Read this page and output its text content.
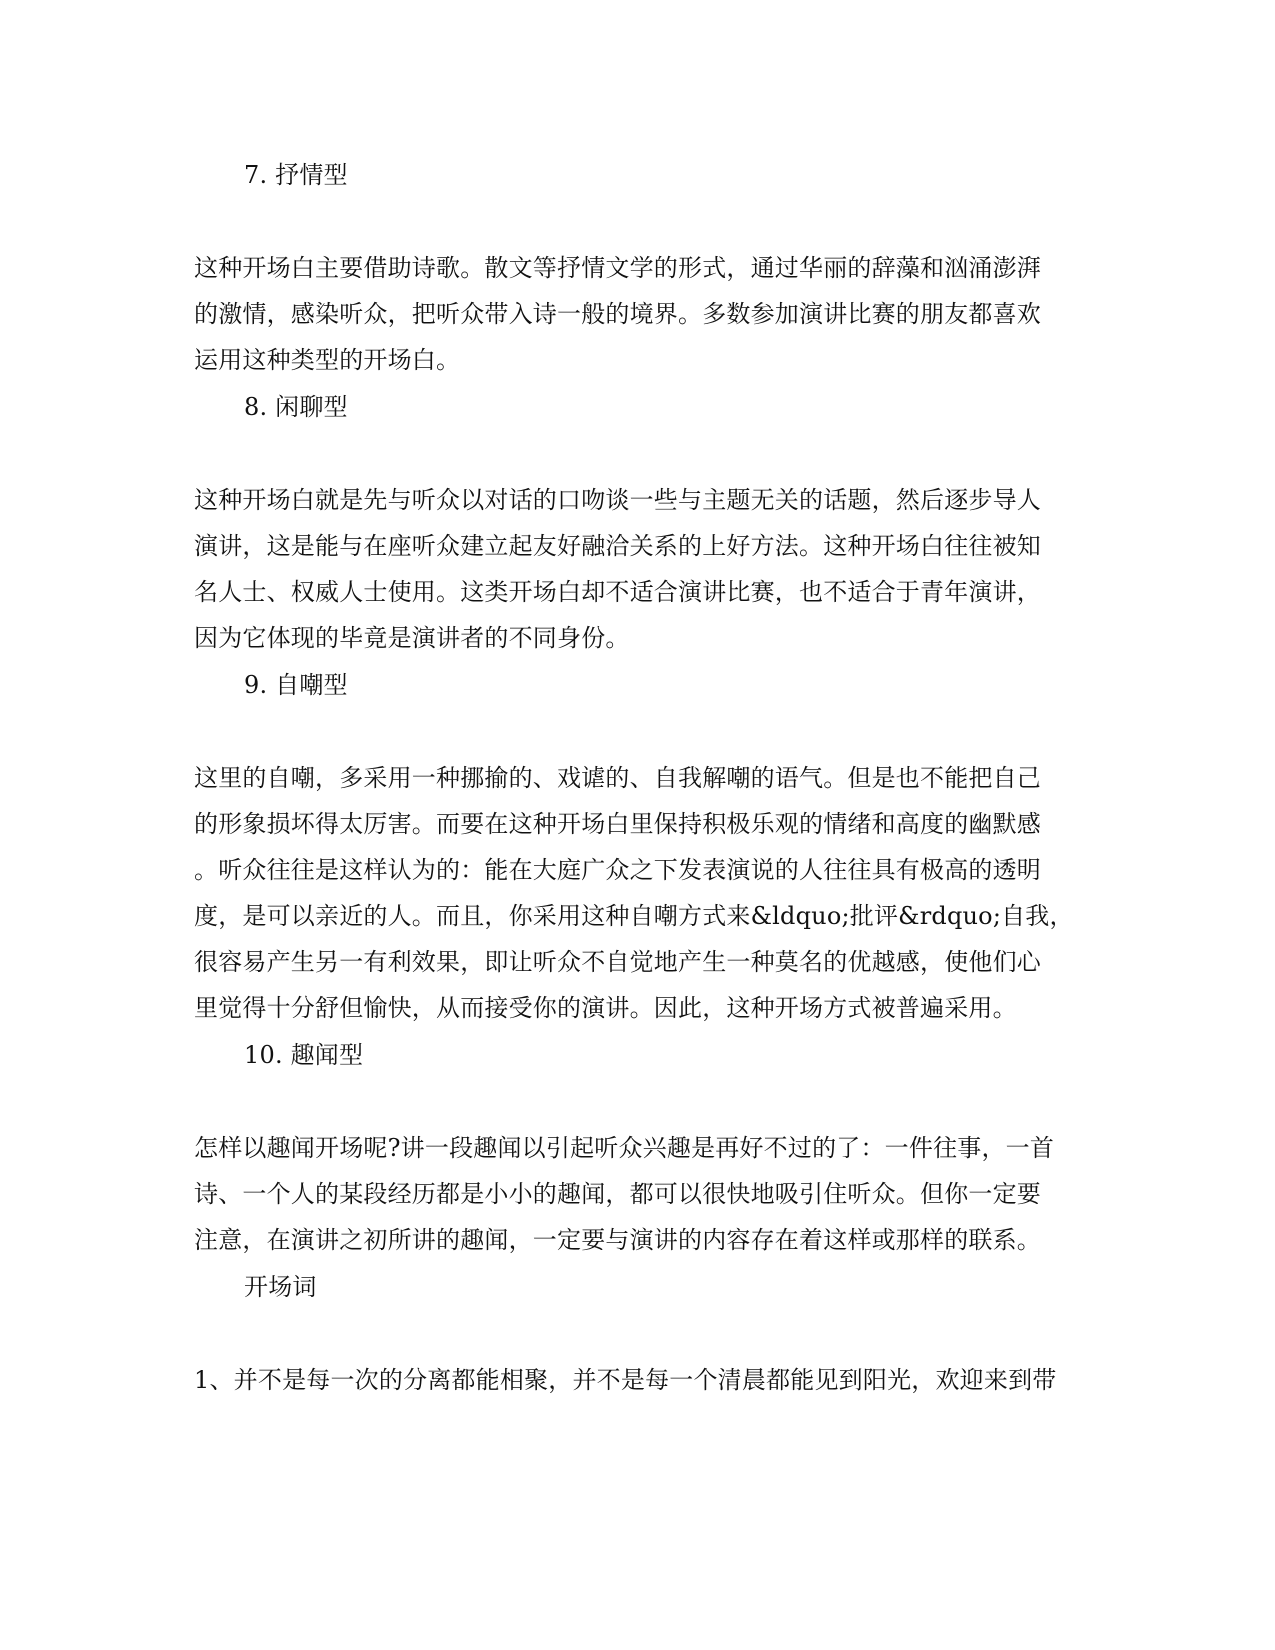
7. 抒情型
这种开场白主要借助诗歌。散文等抒情文学的形式，通过华丽的辞藻和汹涌澎湃
的激情，感染听众，把听众带入诗一般的境界。多数参加演讲比赛的朋友都喜欢
运用这种类型的开场白。
8. 闲聊型
这种开场白就是先与听众以对话的口吻谈一些与主题无关的话题，然后逐步导人
演讲，这是能与在座听众建立起友好融洽关系的上好方法。这种开场白往往被知
名人士、权威人士使用。这类开场白却不适合演讲比赛，也不适合于青年演讲，
因为它体现的毕竟是演讲者的不同身份。
9. 自嘲型
这里的自嘲，多采用一种挪揄的、戏谑的、自我解嘲的语气。但是也不能把自己
的形象损坏得太厉害。而要在这种开场白里保持积极乐观的情绪和高度的幽默感
。听众往往是这样认为的：能在大庭广众之下发表演说的人往往具有极高的透明
度，是可以亲近的人。而且，你采用这种自嘲方式来&ldquo;批评&rdquo;自我，
很容易产生另一有利效果，即让听众不自觉地产生一种莫名的优越感，使他们心
里觉得十分舒但愉快，从而接受你的演讲。因此，这种开场方式被普遍采用。
10. 趣闻型
怎样以趣闻开场呢?讲一段趣闻以引起听众兴趣是再好不过的了：一件往事，一首
诗、一个人的某段经历都是小小的趣闻，都可以很快地吸引住听众。但你一定要
注意，在演讲之初所讲的趣闻，一定要与演讲的内容存在着这样或那样的联系。
开场词
1、并不是每一次的分离都能相聚，并不是每一个清晨都能见到阳光，欢迎来到带
